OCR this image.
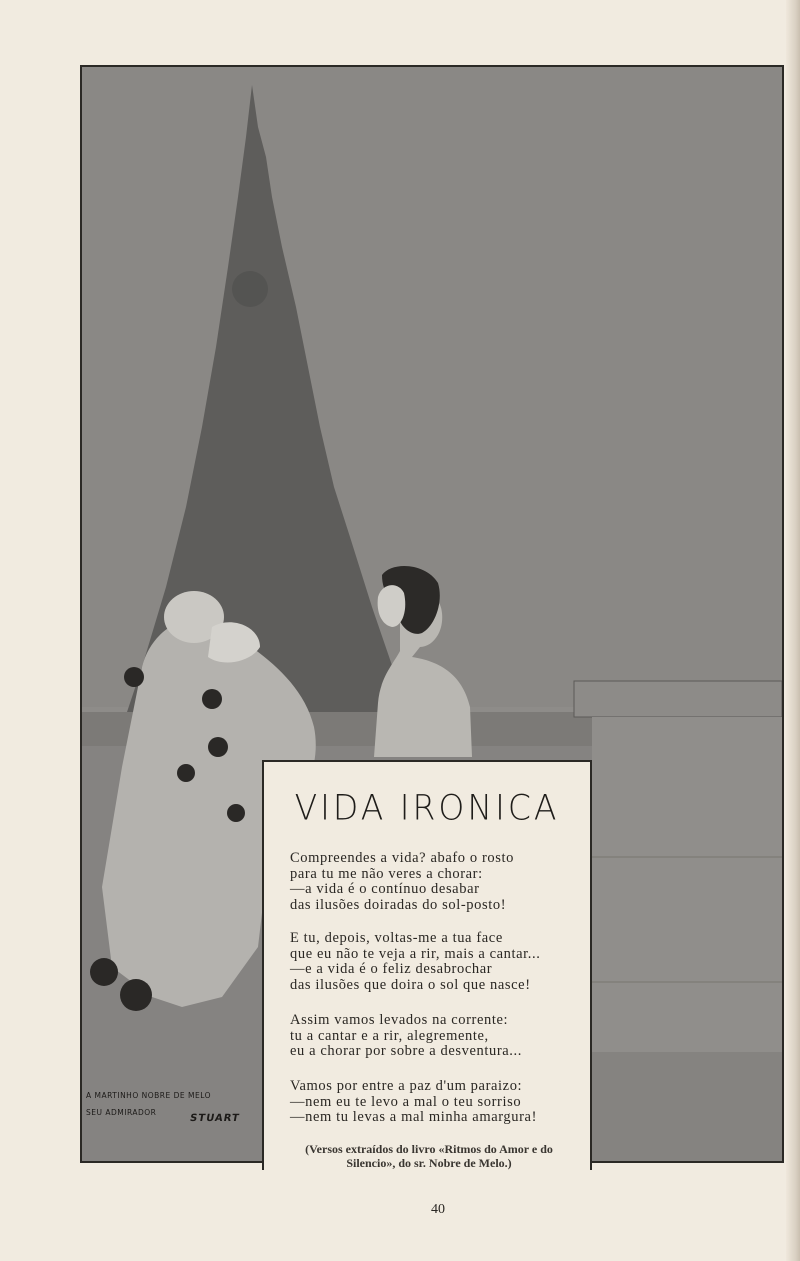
A MARTINHO NOBRE DE MELO
SEU ADMIRADOR
STUART
VIDA IRONICA
Compreendes a vida? abafo o rosto
para tu me não veres a chorar:
—a vida é o contínuo desabar
das ilusões doiradas do sol-posto!
E tu, depois, voltas-me a tua face
que eu não te veja a rir, mais a cantar...
—e a vida é o feliz desabrochar
das ilusões que doira o sol que nasce!
Assim vamos levados na corrente:
tu a cantar e a rir, alegremente,
eu a chorar por sobre a desventura...
Vamos por entre a paz d'um paraizo:
—nem eu te levo a mal o teu sorriso
—nem tu levas a mal minha amargura!
(Versos extraídos do livro «Ritmos do Amor e do
Silencio», do sr. Nobre de Melo.)
40
